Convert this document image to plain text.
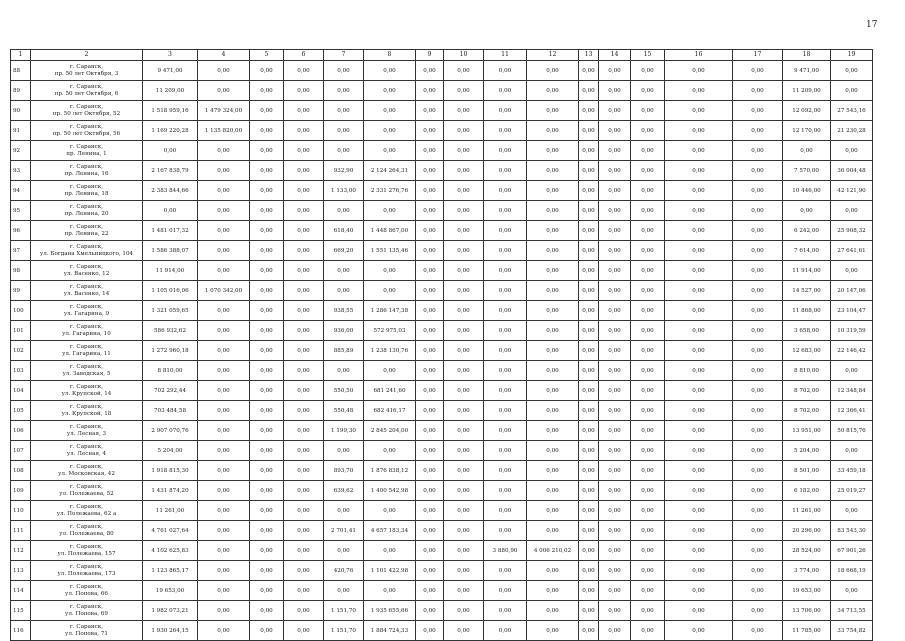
17
1	2	3	4	5	6	7	8	9	10	11	12	13	14	15	16	17	18	19
88	г. Саранск,
пр. 50 лет Октября, 3	9 471,00	0,00	0,00	0,00	0,00	0,00	0,00	0,00	0,00	0,00	0,00	0,00	0,00	0,00	0,00	9 471,00	0,00
89	г. Саранск,
пр. 50 лет Октября, 6	11 209,00	0,00	0,00	0,00	0,00	0,00	0,00	0,00	0,00	0,00	0,00	0,00	0,00	0,00	0,00	11 209,00	0,00
90	г. Саранск,
пр. 50 лет Октября, 52	1 518 959,16	1 479 324,00	0,00	0,00	0,00	0,00	0,00	0,00	0,00	0,00	0,00	0,00	0,00	0,00	0,00	12 092,00	27 543,16
91	г. Саранск,
пр. 50 лет Октября, 56	1 169 220,28	1 135 820,00	0,00	0,00	0,00	0,00	0,00	0,00	0,00	0,00	0,00	0,00	0,00	0,00	0,00	12 170,00	21 230,28
92	г. Саранск,
пр. Ленина, 1	0,00	0,00	0,00	0,00	0,00	0,00	0,00	0,00	0,00	0,00	0,00	0,00	0,00	0,00	0,00	0,00	0,00
93	г. Саранск,
пр. Ленина, 16	2 167 838,79	0,00	0,00	0,00	932,90	2 124 264,31	0,00	0,00	0,00	0,00	0,00	0,00	0,00	0,00	0,00	7 570,00	36 004,48
94	г. Саранск,
пр. Ленина, 18	2 383 844,66	0,00	0,00	0,00	1 133,00	2 331 276,76	0,00	0,00	0,00	0,00	0,00	0,00	0,00	0,00	0,00	10 446,00	42 121,90
95	г. Саранск,
пр. Ленина, 20	0,00	0,00	0,00	0,00	0,00	0,00	0,00	0,00	0,00	0,00	0,00	0,00	0,00	0,00	0,00	0,00	0,00
96	г. Саранск,
пр. Ленина, 22	1 481 017,32	0,00	0,00	0,00	618,40	1 448 867,00	0,00	0,00	0,00	0,00	0,00	0,00	0,00	0,00	0,00	6 242,00	25 908,32
97	г. Саранск,
ул. Богдана Хмельницкого, 104	1 586 388,07	0,00	0,00	0,00	669,20	1 551 135,46	0,00	0,00	0,00	0,00	0,00	0,00	0,00	0,00	0,00	7 614,00	27 641,61
98	г. Саранск,
ул. Васенко, 12	11 914,00	0,00	0,00	0,00	0,00	0,00	0,00	0,00	0,00	0,00	0,00	0,00	0,00	0,00	0,00	11 914,00	0,00
99	г. Саранск,
ул. Васенко, 14	1 105 016,06	1 070 342,00	0,00	0,00	0,00	0,00	0,00	0,00	0,00	0,00	0,00	0,00	0,00	0,00	0,00	14 527,00	20 147,06
100	г. Саранск,
ул. Гагарина, 9	1 321 059,65	0,00	0,00	0,00	938,55	1 286 147,38	0,00	0,00	0,00	0,00	0,00	0,00	0,00	0,00	0,00	11 868,00	23 104,47
101	г. Саранск,
ул. Гагарина, 10	586 932,62	0,00	0,00	0,00	936,00	572 975,03	0,00	0,00	0,00	0,00	0,00	0,00	0,00	0,00	0,00	3 658,00	10 319,59
102	г. Саранск,
ул. Гагарина, 11	1 272 960,18	0,00	0,00	0,00	885,89	1 238 130,76	0,00	0,00	0,00	0,00	0,00	0,00	0,00	0,00	0,00	12 683,00	22 146,42
103	г. Саранск,
ул. Заводская, 5	8 810,00	0,00	0,00	0,00	0,00	0,00	0,00	0,00	0,00	0,00	0,00	0,00	0,00	0,00	0,00	8 810,00	0,00
104	г. Саранск,
ул. Крупской, 14	702 292,44	0,00	0,00	0,00	550,50	681 241,60	0,00	0,00	0,00	0,00	0,00	0,00	0,00	0,00	0,00	8 702,00	12 348,84
105	г. Саранск,
ул. Крупской, 18	703 484,58	0,00	0,00	0,00	550,48	682 416,17	0,00	0,00	0,00	0,00	0,00	0,00	0,00	0,00	0,00	8 702,00	12 366,41
106	г. Саранск,
ул. Лесная, 3	2 907 070,76	0,00	0,00	0,00	1 199,30	2 845 204,00	0,00	0,00	0,00	0,00	0,00	0,00	0,00	0,00	0,00	13 951,00	50 815,76
107	г. Саранск,
ул. Лесная, 4	5 204,00	0,00	0,00	0,00	0,00	0,00	0,00	0,00	0,00	0,00	0,00	0,00	0,00	0,00	0,00	5 204,00	0,00
108	г. Саранск,
ул. Московская, 42	1 918 815,30	0,00	0,00	0,00	893,70	1 876 838,12	0,00	0,00	0,00	0,00	0,00	0,00	0,00	0,00	0,00	8 501,00	33 459,18
109	г. Саранск,
ул. Полежаева, 52	1 431 874,20	0,00	0,00	0,00	639,62	1 400 542,98	0,00	0,00	0,00	0,00	0,00	0,00	0,00	0,00	0,00	6 182,00	25 019,27
110	г. Саранск,
ул. Полежаева, 62 а	11 261,00	0,00	0,00	0,00	0,00	0,00	0,00	0,00	0,00	0,00	0,00	0,00	0,00	0,00	0,00	11 261,00	0,00
111	г. Саранск,
ул. Полежаева, 80	4 761 027,64	0,00	0,00	0,00	2 701,41	4 657 183,34	0,00	0,00	0,00	0,00	0,00	0,00	0,00	0,00	0,00	20 296,00	83 543,30
112	г. Саранск,
ул. Полежаева, 157	4 102 625,83	0,00	0,00	0,00	0,00	0,00	0,00	0,00	3 880,90	4 006 210,02	0,00	0,00	0,00	0,00	0,00	28 524,00	67 901,26
113	г. Саранск,
ул. Полежаева, 173	1 123 865,17	0,00	0,00	0,00	420,76	1 101 422,98	0,00	0,00	0,00	0,00	0,00	0,00	0,00	0,00	0,00	3 774,00	18 668,19
114	г. Саранск,
ул. Попова, 66	19 653,00	0,00	0,00	0,00	0,00	0,00	0,00	0,00	0,00	0,00	0,00	0,00	0,00	0,00	0,00	19 653,00	0,00
115	г. Саранск,
ул. Попова, 69	1 982 073,21	0,00	0,00	0,00	1 151,70	1 935 655,66	0,00	0,00	0,00	0,00	0,00	0,00	0,00	0,00	0,00	13 706,00	34 713,55
116	г. Саранск,
ул. Попова, 71	1 930 264,15	0,00	0,00	0,00	1 151,70	1 884 724,33	0,00	0,00	0,00	0,00	0,00	0,00	0,00	0,00	0,00	11 785,00	33 754,82
